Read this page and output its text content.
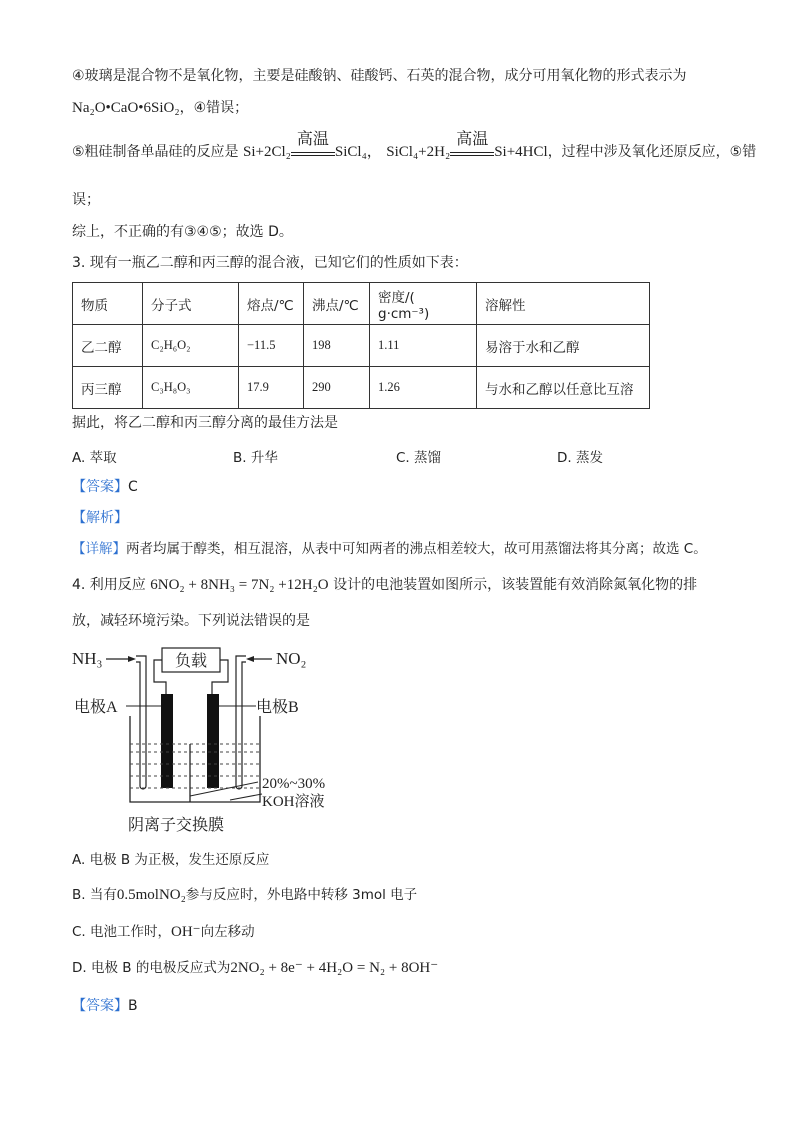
④玻璃是混合物不是氧化物，主要是硅酸钠、硅酸钙、石英的混合物，成分可用氧化物的形式表示为
Na₂O•CaO•6SiO₂，④错误；
⑤粗硅制备单晶硅的反应是 Si+2Cl₂
高温
SiCl₄， SiCl₄+2H₂
高温
Si+4HCl，过程中涉及氧化还原反应，⑤错
误；
综上，不正确的有③④⑤；故选 D。
3. 现有一瓶乙二醇和丙三醇的混合液，已知它们的性质如下表：
物质	分子式	熔点/℃	沸点/℃	密度/( g·cm⁻³)	溶解性
乙二醇	C₂H₆O₂	−11.5	198	1.11	易溶于水和乙醇
丙三醇	C₃H₈O₃	17.9	290	1.26	与水和乙醇以任意比互溶
据此，将乙二醇和丙三醇分离的最佳方法是
A. 萃取	B. 升华	C. 蒸馏	D. 蒸发
【答案】C
【解析】
【详解】两者均属于醇类，相互混溶，从表中可知两者的沸点相差较大，故可用蒸馏法将其分离；故选 C。
4. 利用反应 6NO₂ + 8NH₃ = 7N₂ +12H₂O 设计的电池装置如图所示，该装置能有效消除氮氧化物的排
放，减轻环境污染。下列说法错误的是
NH₃	NO₂
负载
电极A	电极B
20%~30%
KOH溶液
阴离子交换膜
A. 电极 B 为正极，发生还原反应
B. 当有0.5molNO₂参与反应时，外电路中转移 3mol 电子
C. 电池工作时，OH⁻向左移动
D. 电极 B 的电极反应式为2NO₂ + 8e⁻ + 4H₂O = N₂ + 8OH⁻
【答案】B
